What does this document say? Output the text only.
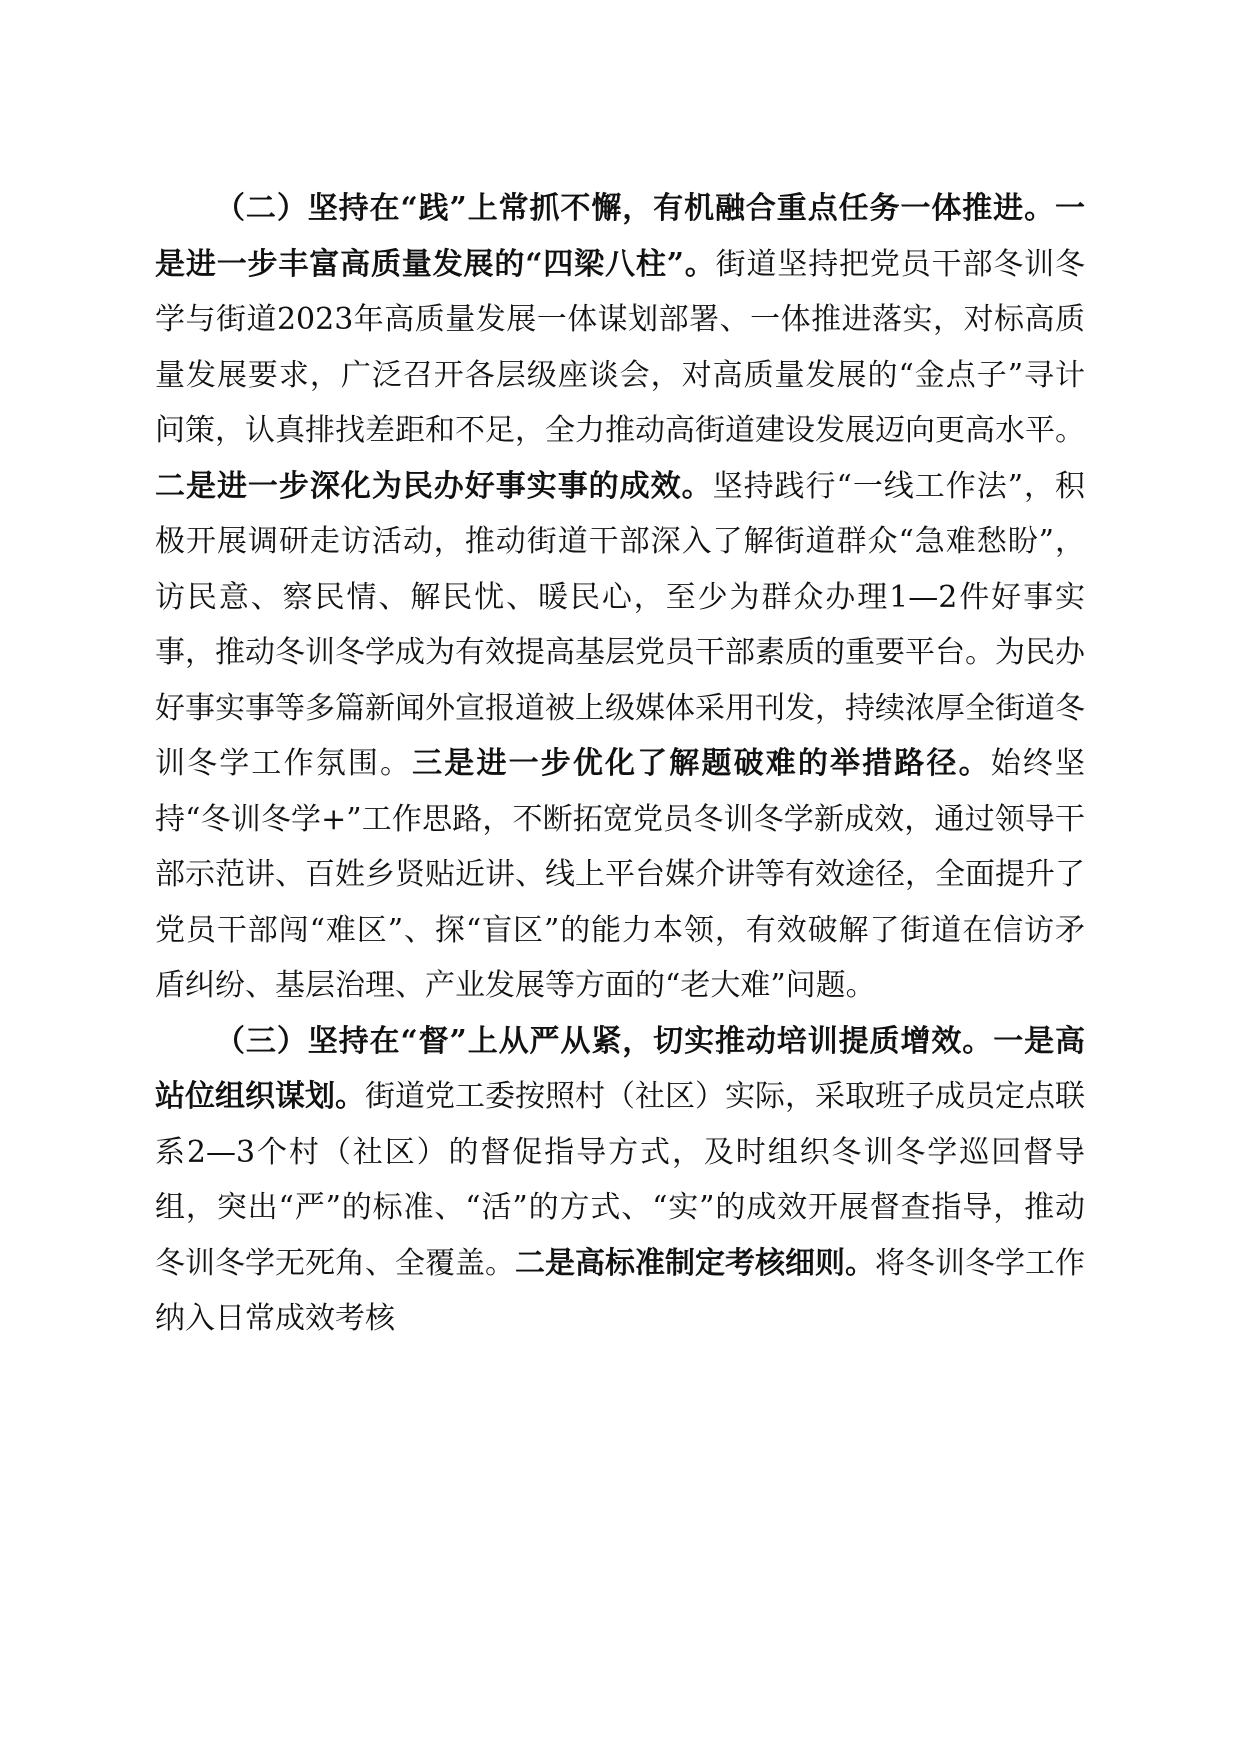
（二）坚持在“践”上常抓不懈，有机融合重点任务一体推进。一是进一步丰富高质量发展的“四梁八柱”。街道坚持把党员干部冬训冬学与街道2023年高质量发展一体谋划部署、一体推进落实，对标高质量发展要求，广泛召开各层级座谈会，对高质量发展的“金点子”寻计问策，认真排找差距和不足，全力推动高街道建设发展迈向更高水平。二是进一步深化为民办好事实事的成效。坚持践行“一线工作法”，积极开展调研走访活动，推动街道干部深入了解街道群众“急难愁盼”，访民意、察民情、解民忧、暖民心，至少为群众办理1—2件好事实事，推动冬训冬学成为有效提高基层党员干部素质的重要平台。为民办好事实事等多篇新闻外宣报道被上级媒体采用刊发，持续浓厚全街道冬训冬学工作氛围。三是进一步优化了解题破难的举措路径。始终坚持“冬训冬学+”工作思路，不断拓宽党员冬训冬学新成效，通过领导干部示范讲、百姓乡贤贴近讲、线上平台媒介讲等有效途径，全面提升了党员干部闯“难区”、探“盲区”的能力本领，有效破解了街道在信访矛盾纠纷、基层治理、产业发展等方面的“老大难”问题。

（三）坚持在“督”上从严从紧，切实推动培训提质增效。一是高站位组织谋划。街道党工委按照村（社区）实际，采取班子成员定点联系2—3个村（社区）的督促指导方式，及时组织冬训冬学巡回督导组，突出“严”的标准、“活”的方式、“实”的成效开展督查指导，推动冬训冬学无死角、全覆盖。二是高标准制定考核细则。将冬训冬学工作纳入日常成效考核
